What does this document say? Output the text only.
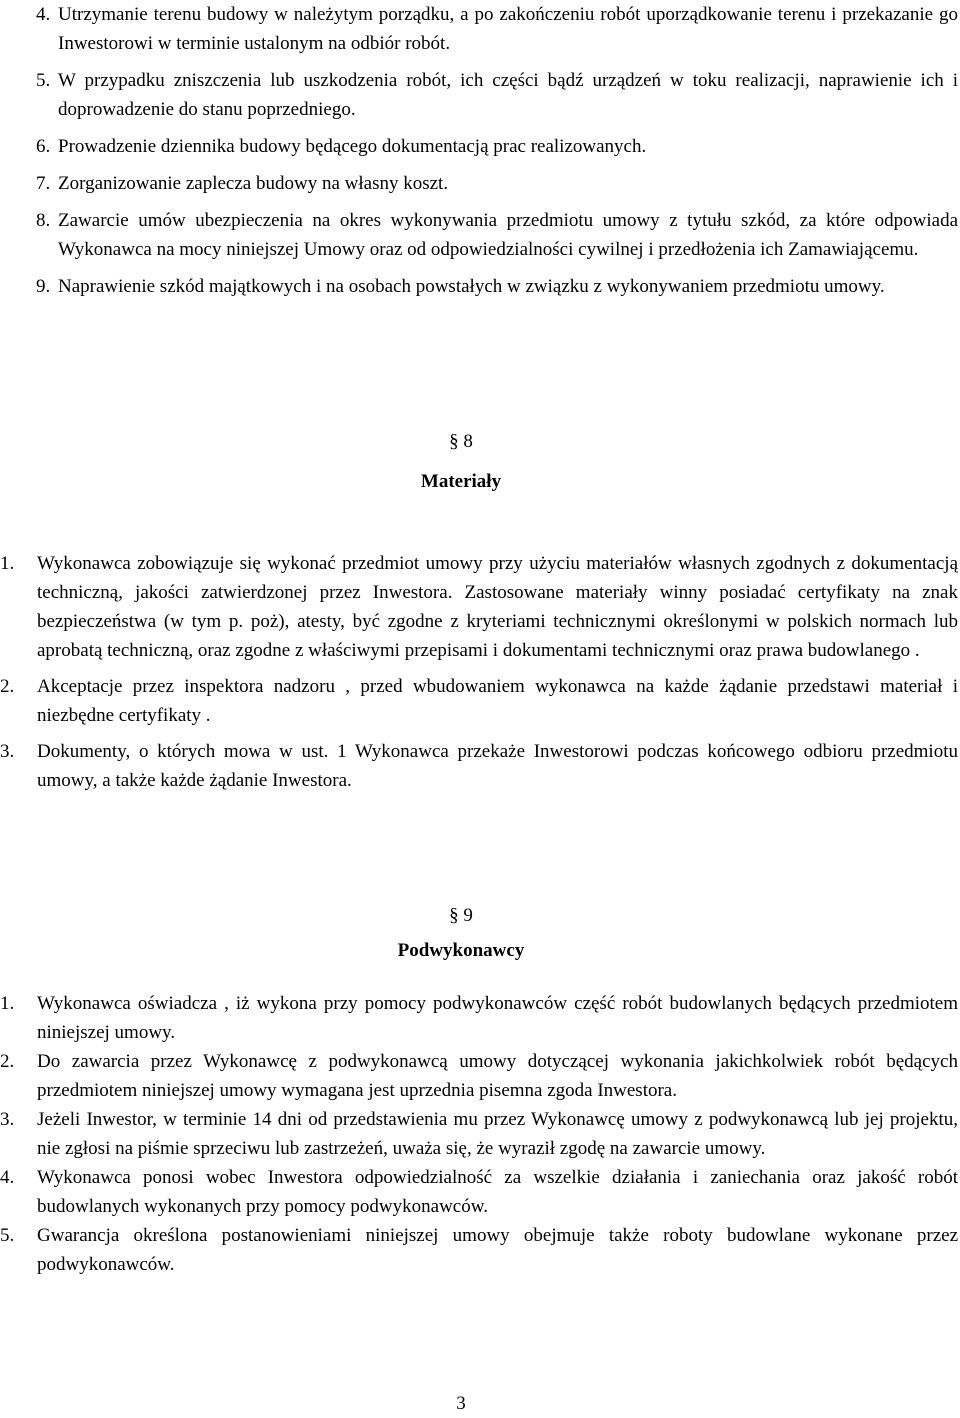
4. Utrzymanie terenu budowy w należytym porządku, a po zakończeniu robót uporządkowanie terenu i przekazanie go Inwestorowi w terminie ustalonym na odbiór robót.
5. W przypadku zniszczenia lub uszkodzenia robót, ich części bądź urządzeń w toku realizacji, naprawienie ich i doprowadzenie do stanu poprzedniego.
6. Prowadzenie dziennika budowy będącego dokumentacją prac realizowanych.
7. Zorganizowanie zaplecza budowy na własny koszt.
8. Zawarcie umów ubezpieczenia na okres wykonywania przedmiotu umowy z tytułu szkód, za które odpowiada Wykonawca na mocy niniejszej Umowy oraz od odpowiedzialności cywilnej i przedłożenia ich Zamawiającemu.
9. Naprawienie szkód majątkowych i na osobach powstałych w związku z wykonywaniem przedmiotu umowy.
§ 8
Materiały
1.	Wykonawca zobowiązuje się wykonać przedmiot umowy przy użyciu materiałów własnych zgodnych z dokumentacją techniczną, jakości zatwierdzonej przez Inwestora. Zastosowane materiały winny posiadać certyfikaty na znak bezpieczeństwa (w tym p. poż), atesty, być zgodne z kryteriami technicznymi określonymi w polskich normach lub aprobatą techniczną, oraz zgodne z właściwymi przepisami i dokumentami technicznymi oraz prawa budowlanego .
2.	Akceptacje przez inspektora nadzoru , przed wbudowaniem wykonawca na każde żądanie przedstawi materiał i niezbędne certyfikaty .
3.	Dokumenty, o których mowa w ust. 1 Wykonawca przekaże Inwestorowi podczas końcowego odbioru przedmiotu umowy, a także każde żądanie Inwestora.
§ 9
Podwykonawcy
1.	Wykonawca oświadcza , iż wykona przy pomocy podwykonawców część robót budowlanych będących przedmiotem niniejszej umowy.
2.	Do zawarcia przez Wykonawcę z podwykonawcą umowy dotyczącej wykonania jakichkolwiek robót będących przedmiotem niniejszej umowy wymagana jest uprzednia pisemna zgoda Inwestora.
3.	Jeżeli Inwestor, w terminie 14 dni od przedstawienia mu przez Wykonawcę umowy z podwykonawcą lub jej projektu, nie zgłosi na piśmie sprzeciwu lub zastrzeżeń, uważa się, że wyraził zgodę na zawarcie umowy.
4.	Wykonawca ponosi wobec Inwestora odpowiedzialność za wszelkie działania i zaniechania oraz jakość robót budowlanych wykonanych przy pomocy podwykonawców.
5.	Gwarancja określona postanowieniami niniejszej umowy obejmuje także roboty budowlane wykonane przez podwykonawców.
3
